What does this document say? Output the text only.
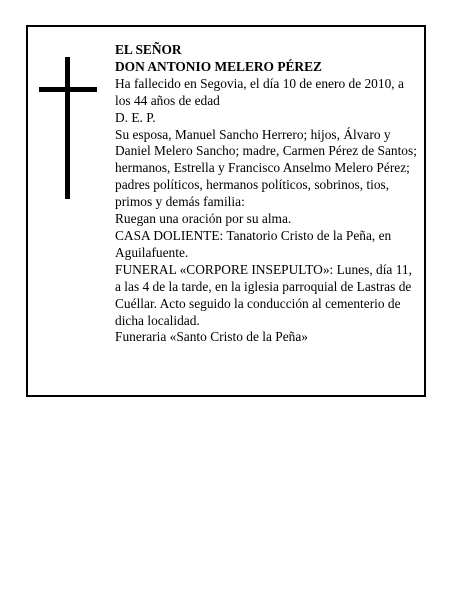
EL SEÑOR

DON ANTONIO MELERO PÉREZ

Ha fallecido en Segovia, el día 10 de enero de 2010, a los 44 años de edad

D. E. P.

Su esposa, Manuel Sancho Herrero; hijos, Álvaro y Daniel Melero Sancho; madre, Carmen Pérez de Santos; hermanos, Estrella y Francisco Anselmo Melero Pérez; padres políticos, hermanos políticos, sobrinos, tios, primos y demás familia:

Ruegan una oración por su alma.

CASA DOLIENTE: Tanatorio Cristo de la Peña, en Aguilafuente.

FUNERAL «CORPORE INSEPULTO»: Lunes, día 11, a las 4 de la tarde, en la iglesia parroquial de Lastras de Cuéllar. Acto seguido la conducción al cementerio de dicha localidad.

Funeraria «Santo Cristo de la Peña»
